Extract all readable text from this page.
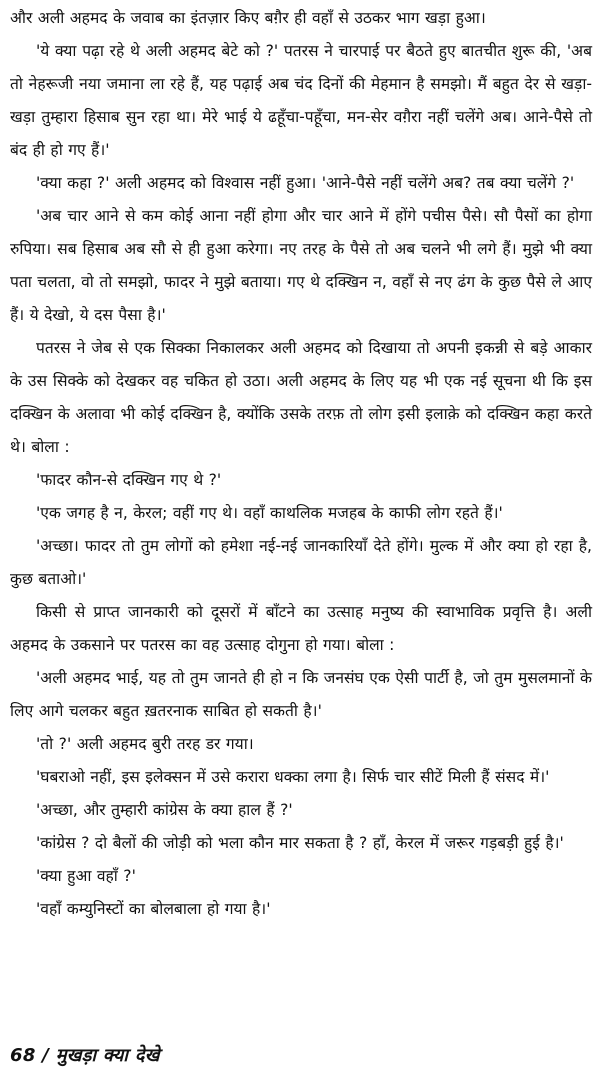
और अली अहमद के जवाब का इंतज़ार किए बग़ैर ही वहाँ से उठकर भाग खड़ा हुआ।

'ये क्या पढ़ा रहे थे अली अहमद बेटे को ?' पतरस ने चारपाई पर बैठते हुए बातचीत शुरू की, 'अब तो नेहरूजी नया जमाना ला रहे हैं, यह पढ़ाई अब चंद दिनों की मेहमान है समझो। मैं बहुत देर से खड़ा-खड़ा तुम्हारा हिसाब सुन रहा था। मेरे भाई ये ढहूँचा-पहूँचा, मन-सेर वग़ैरा नहीं चलेंगे अब। आने-पैसे तो बंद ही हो गए हैं।'

'क्या कहा ?' अली अहमद को विश्वास नहीं हुआ। 'आने-पैसे नहीं चलेंगे अब? तब क्या चलेंगे ?'

'अब चार आने से कम कोई आना नहीं होगा और चार आने में होंगे पचीस पैसे। सौ पैसों का होगा रुपिया। सब हिसाब अब सौ से ही हुआ करेगा। नए तरह के पैसे तो अब चलने भी लगे हैं। मुझे भी क्या पता चलता, वो तो समझो, फादर ने मुझे बताया। गए थे दक्खिन न, वहाँ से नए ढंग के कुछ पैसे ले आए हैं। ये देखो, ये दस पैसा है।'

पतरस ने जेब से एक सिक्का निकालकर अली अहमद को दिखाया तो अपनी इकन्नी से बड़े आकार के उस सिक्के को देखकर वह चकित हो उठा। अली अहमद के लिए यह भी एक नई सूचना थी कि इस दक्खिन के अलावा भी कोई दक्खिन है, क्योंकि उसके तरफ़ तो लोग इसी इलाक़े को दक्खिन कहा करते थे। बोला :

'फादर कौन-से दक्खिन गए थे ?'

'एक जगह है न, केरल; वहीं गए थे। वहाँ काथलिक मजहब के काफी लोग रहते हैं।'

'अच्छा। फादर तो तुम लोगों को हमेशा नई-नई जानकारियाँ देते होंगे। मुल्क में और क्या हो रहा है, कुछ बताओ।'

किसी से प्राप्त जानकारी को दूसरों में बाँटने का उत्साह मनुष्य की स्वाभाविक प्रवृत्ति है। अली अहमद के उकसाने पर पतरस का वह उत्साह दोगुना हो गया। बोला :

'अली अहमद भाई, यह तो तुम जानते ही हो न कि जनसंघ एक ऐसी पार्टी है, जो तुम मुसलमानों के लिए आगे चलकर बहुत ख़तरनाक साबित हो सकती है।'

'तो ?' अली अहमद बुरी तरह डर गया।

'घबराओ नहीं, इस इलेक्सन में उसे करारा धक्का लगा है। सिर्फ चार सीटें मिली हैं संसद में।'

'अच्छा, और तुम्हारी कांग्रेस के क्या हाल हैं ?'

'कांग्रेस ? दो बैलों की जोड़ी को भला कौन मार सकता है ? हाँ, केरल में जरूर गड़बड़ी हुई है।'

'क्या हुआ वहाँ ?'

'वहाँ कम्युनिस्टों का बोलबाला हो गया है।'

68 / मुखड़ा क्या देखे
